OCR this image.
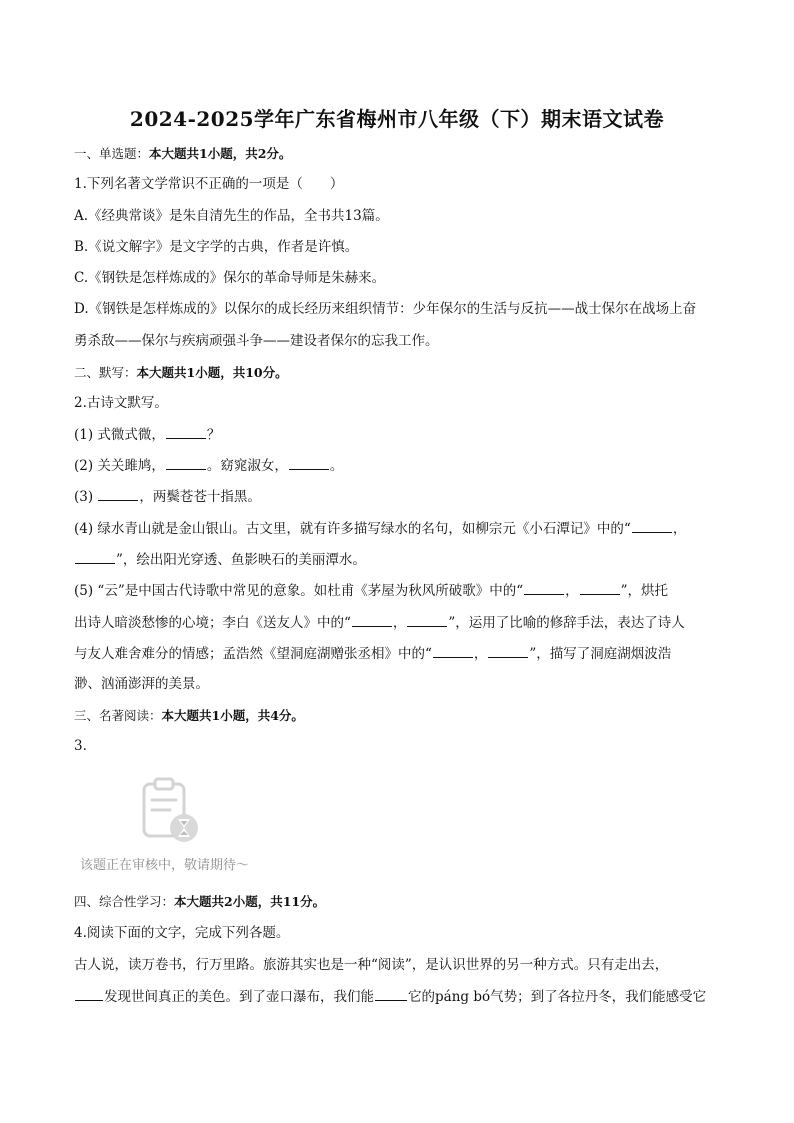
2024-2025学年广东省梅州市八年级（下）期末语文试卷
一、单选题：本大题共1小题，共2分。
1.下列名著文学常识不正确的一项是（　　）
A.《经典常谈》是朱自清先生的作品，全书共13篇。
B.《说文解字》是文字学的古典，作者是许慎。
C.《钢铁是怎样炼成的》保尔的革命导师是朱赫来。
D.《钢铁是怎样炼成的》以保尔的成长经历来组织情节：少年保尔的生活与反抗——战士保尔在战场上奋
勇杀敌——保尔与疾病顽强斗争——建设者保尔的忘我工作。
二、默写：本大题共1小题，共10分。
2.古诗文默写。
(1) 式微式微，	？
(2) 关关雎鸠，	。窈窕淑女，	。
(3)	，两鬓苍苍十指黑。
(4) 绿水青山就是金山银山。古文里，就有许多描写绿水的名句，如柳宗元《小石潭记》中的“	，
”，绘出阳光穿透、鱼影映石的美丽潭水。
(5) “云”是中国古代诗歌中常见的意象。如杜甫《茅屋为秋风所破歌》中的“	，	”，烘托
出诗人暗淡愁惨的心境；李白《送友人》中的“	，	”，运用了比喻的修辞手法，表达了诗人
与友人难舍难分的情感；孟浩然《望洞庭湖赠张丞相》中的“	，	”，描写了洞庭湖烟波浩
渺、汹涌澎湃的美景。
三、名著阅读：本大题共1小题，共4分。
3.
该题正在审核中，敬请期待～
四、综合性学习：本大题共2小题，共11分。
4.阅读下面的文字，完成下列各题。
古人说，读万卷书，行万里路。旅游其实也是一种“阅读”，是认识世界的另一种方式。只有走出去，
发现世间真正的美色。到了壶口瀑布，我们能	它的páng bó气势；到了各拉丹冬，我们能感受它
